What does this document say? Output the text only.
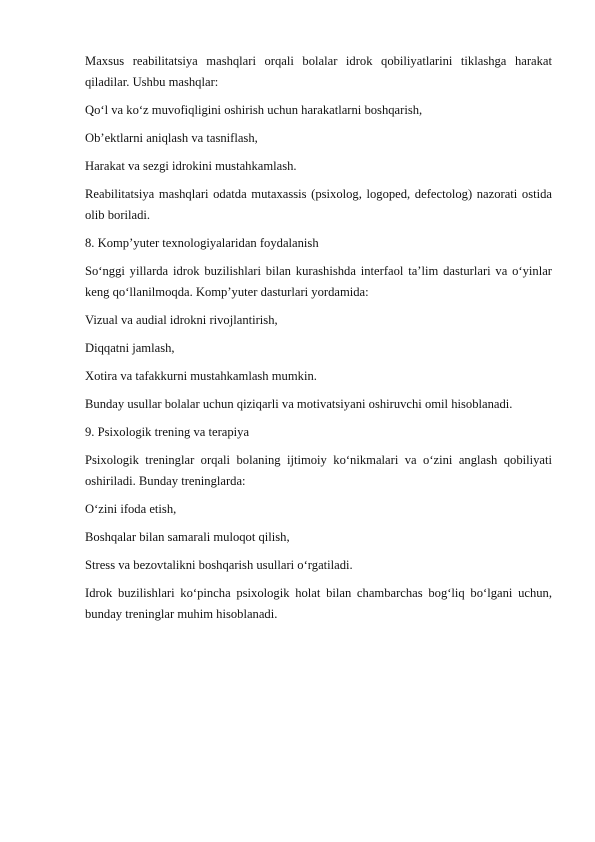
Maxsus reabilitatsiya mashqlari orqali bolalar idrok qobiliyatlarini tiklashga harakat qiladilar. Ushbu mashqlar:

Qo‘l va ko‘z muvofiqligini oshirish uchun harakatlarni boshqarish,

Ob’ektlarni aniqlash va tasniflash,

Harakat va sezgi idrokini mustahkamlash.

Reabilitatsiya mashqlari odatda mutaxassis (psixolog, logoped, defectolog) nazorati ostida olib boriladi.

8. Komp’yuter texnologiyalaridan foydalanish

So‘nggi yillarda idrok buzilishlari bilan kurashishda interfaol ta’lim dasturlari va o‘yinlar keng qo‘llanilmoqda. Komp’yuter dasturlari yordamida:

Vizual va audial idrokni rivojlantirish,

Diqqatni jamlash,

Xotira va tafakkurni mustahkamlash mumkin.

Bunday usullar bolalar uchun qiziqarli va motivatsiyani oshiruvchi omil hisoblanadi.

9. Psixologik trening va terapiya

Psixologik treninglar orqali bolaning ijtimoiy ko‘nikmalari va o‘zini anglash qobiliyati oshiriladi. Bunday treninglarda:

O‘zini ifoda etish,

Boshqalar bilan samarali muloqot qilish,

Stress va bezovtalikni boshqarish usullari o‘rgatiladi.

Idrok buzilishlari ko‘pincha psixologik holat bilan chambarchas bog‘liq bo‘lgani uchun, bunday treninglar muhim hisoblanadi.
